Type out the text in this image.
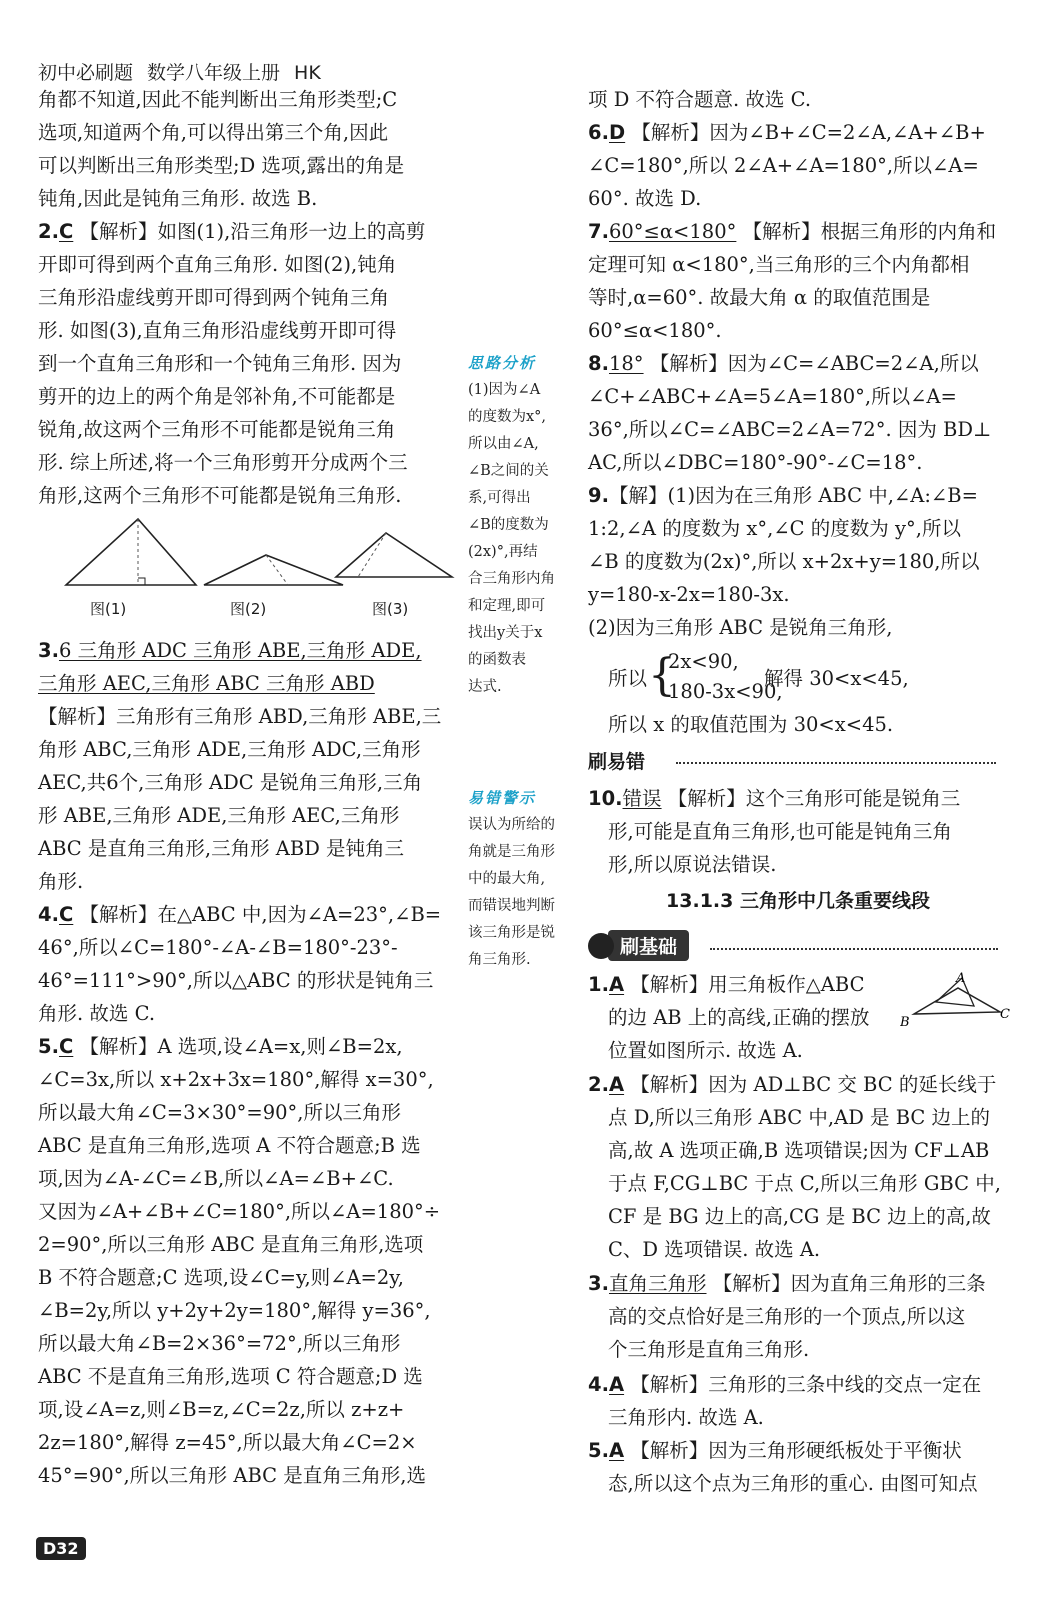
初中必刷题 数学八年级上册 HK
角都不知道,因此不能判断出三角形类型;C
选项,知道两个角,可以得出第三个角,因此
可以判断出三角形类型;D 选项,露出的角是
钝角,因此是钝角三角形. 故选 B.
2.C 【解析】如图(1),沿三角形一边上的高剪
开即可得到两个直角三角形. 如图(2),钝角
三角形沿虚线剪开即可得到两个钝角三角
形. 如图(3),直角三角形沿虚线剪开即可得
到一个直角三角形和一个钝角三角形. 因为
剪开的边上的两个角是邻补角,不可能都是
锐角,故这两个三角形不可能都是锐角三角
形. 综上所述,将一个三角形剪开分成两个三
角形,这两个三角形不可能都是锐角三角形.
图(1)	图(2)	图(3)
3.6 三角形 ADC 三角形 ABE,三角形 ADE,
三角形 AEC,三角形 ABC 三角形 ABD
【解析】三角形有三角形 ABD,三角形 ABE,三
角形 ABC,三角形 ADE,三角形 ADC,三角形
AEC,共6个,三角形 ADC 是锐角三角形,三角
形 ABE,三角形 ADE,三角形 AEC,三角形
ABC 是直角三角形,三角形 ABD 是钝角三
角形.
4.C 【解析】在△ABC 中,因为∠A=23°,∠B=
46°,所以∠C=180°-∠A-∠B=180°-23°-
46°=111°>90°,所以△ABC 的形状是钝角三
角形. 故选 C.
5.C 【解析】A 选项,设∠A=x,则∠B=2x,
∠C=3x,所以 x+2x+3x=180°,解得 x=30°,
所以最大角∠C=3×30°=90°,所以三角形
ABC 是直角三角形,选项 A 不符合题意;B 选
项,因为∠A-∠C=∠B,所以∠A=∠B+∠C.
又因为∠A+∠B+∠C=180°,所以∠A=180°÷
2=90°,所以三角形 ABC 是直角三角形,选项
B 不符合题意;C 选项,设∠C=y,则∠A=2y,
∠B=2y,所以 y+2y+2y=180°,解得 y=36°,
所以最大角∠B=2×36°=72°,所以三角形
ABC 不是直角三角形,选项 C 符合题意;D 选
项,设∠A=z,则∠B=z,∠C=2z,所以 z+z+
2z=180°,解得 z=45°,所以最大角∠C=2×
45°=90°,所以三角形 ABC 是直角三角形,选
思路分析
(1)因为∠A
的度数为x°,
所以由∠A,
∠B之间的关
系,可得出
∠B的度数为
(2x)°,再结
合三角形内角
和定理,即可
找出y关于x
的函数表
达式.
易错警示
误认为所给的
角就是三角形
中的最大角,
而错误地判断
该三角形是锐
角三角形.
项 D 不符合题意. 故选 C.
6.D 【解析】因为∠B+∠C=2∠A,∠A+∠B+
∠C=180°,所以 2∠A+∠A=180°,所以∠A=
60°. 故选 D.
7.60°≤α<180° 【解析】根据三角形的内角和
定理可知 α<180°,当三角形的三个内角都相
等时,α=60°. 故最大角 α 的取值范围是
60°≤α<180°.
8.18° 【解析】因为∠C=∠ABC=2∠A,所以
∠C+∠ABC+∠A=5∠A=180°,所以∠A=
36°,所以∠C=∠ABC=2∠A=72°. 因为 BD⊥
AC,所以∠DBC=180°-90°-∠C=18°.
9.【解】(1)因为在三角形 ABC 中,∠A:∠B=
1:2,∠A 的度数为 x°,∠C 的度数为 y°,所以
∠B 的度数为(2x)°,所以 x+2x+y=180,所以
y=180-x-2x=180-3x.
(2)因为三角形 ABC 是锐角三角形,
所以 {
2x<90,
180-3x<90,
解得 30<x<45,
所以 x 的取值范围为 30<x<45.
刷易错
10.错误 【解析】这个三角形可能是锐角三
形,可能是直角三角形,也可能是钝角三角
形,所以原说法错误.
13.1.3 三角形中几条重要线段
1.A 【解析】用三角板作△ABC
的边 AB 上的高线,正确的摆放
位置如图所示. 故选 A.
B
A
C
2.A 【解析】因为 AD⊥BC 交 BC 的延长线于
点 D,所以三角形 ABC 中,AD 是 BC 边上的
高,故 A 选项正确,B 选项错误;因为 CF⊥AB
于点 F,CG⊥BC 于点 C,所以三角形 GBC 中,
CF 是 BG 边上的高,CG 是 BC 边上的高,故
C、D 选项错误. 故选 A.
3.直角三角形 【解析】因为直角三角形的三条
高的交点恰好是三角形的一个顶点,所以这
个三角形是直角三角形.
4.A 【解析】三角形的三条中线的交点一定在
三角形内. 故选 A.
5.A 【解析】因为三角形硬纸板处于平衡状
态,所以这个点为三角形的重心. 由图可知点
刷基础
D32
